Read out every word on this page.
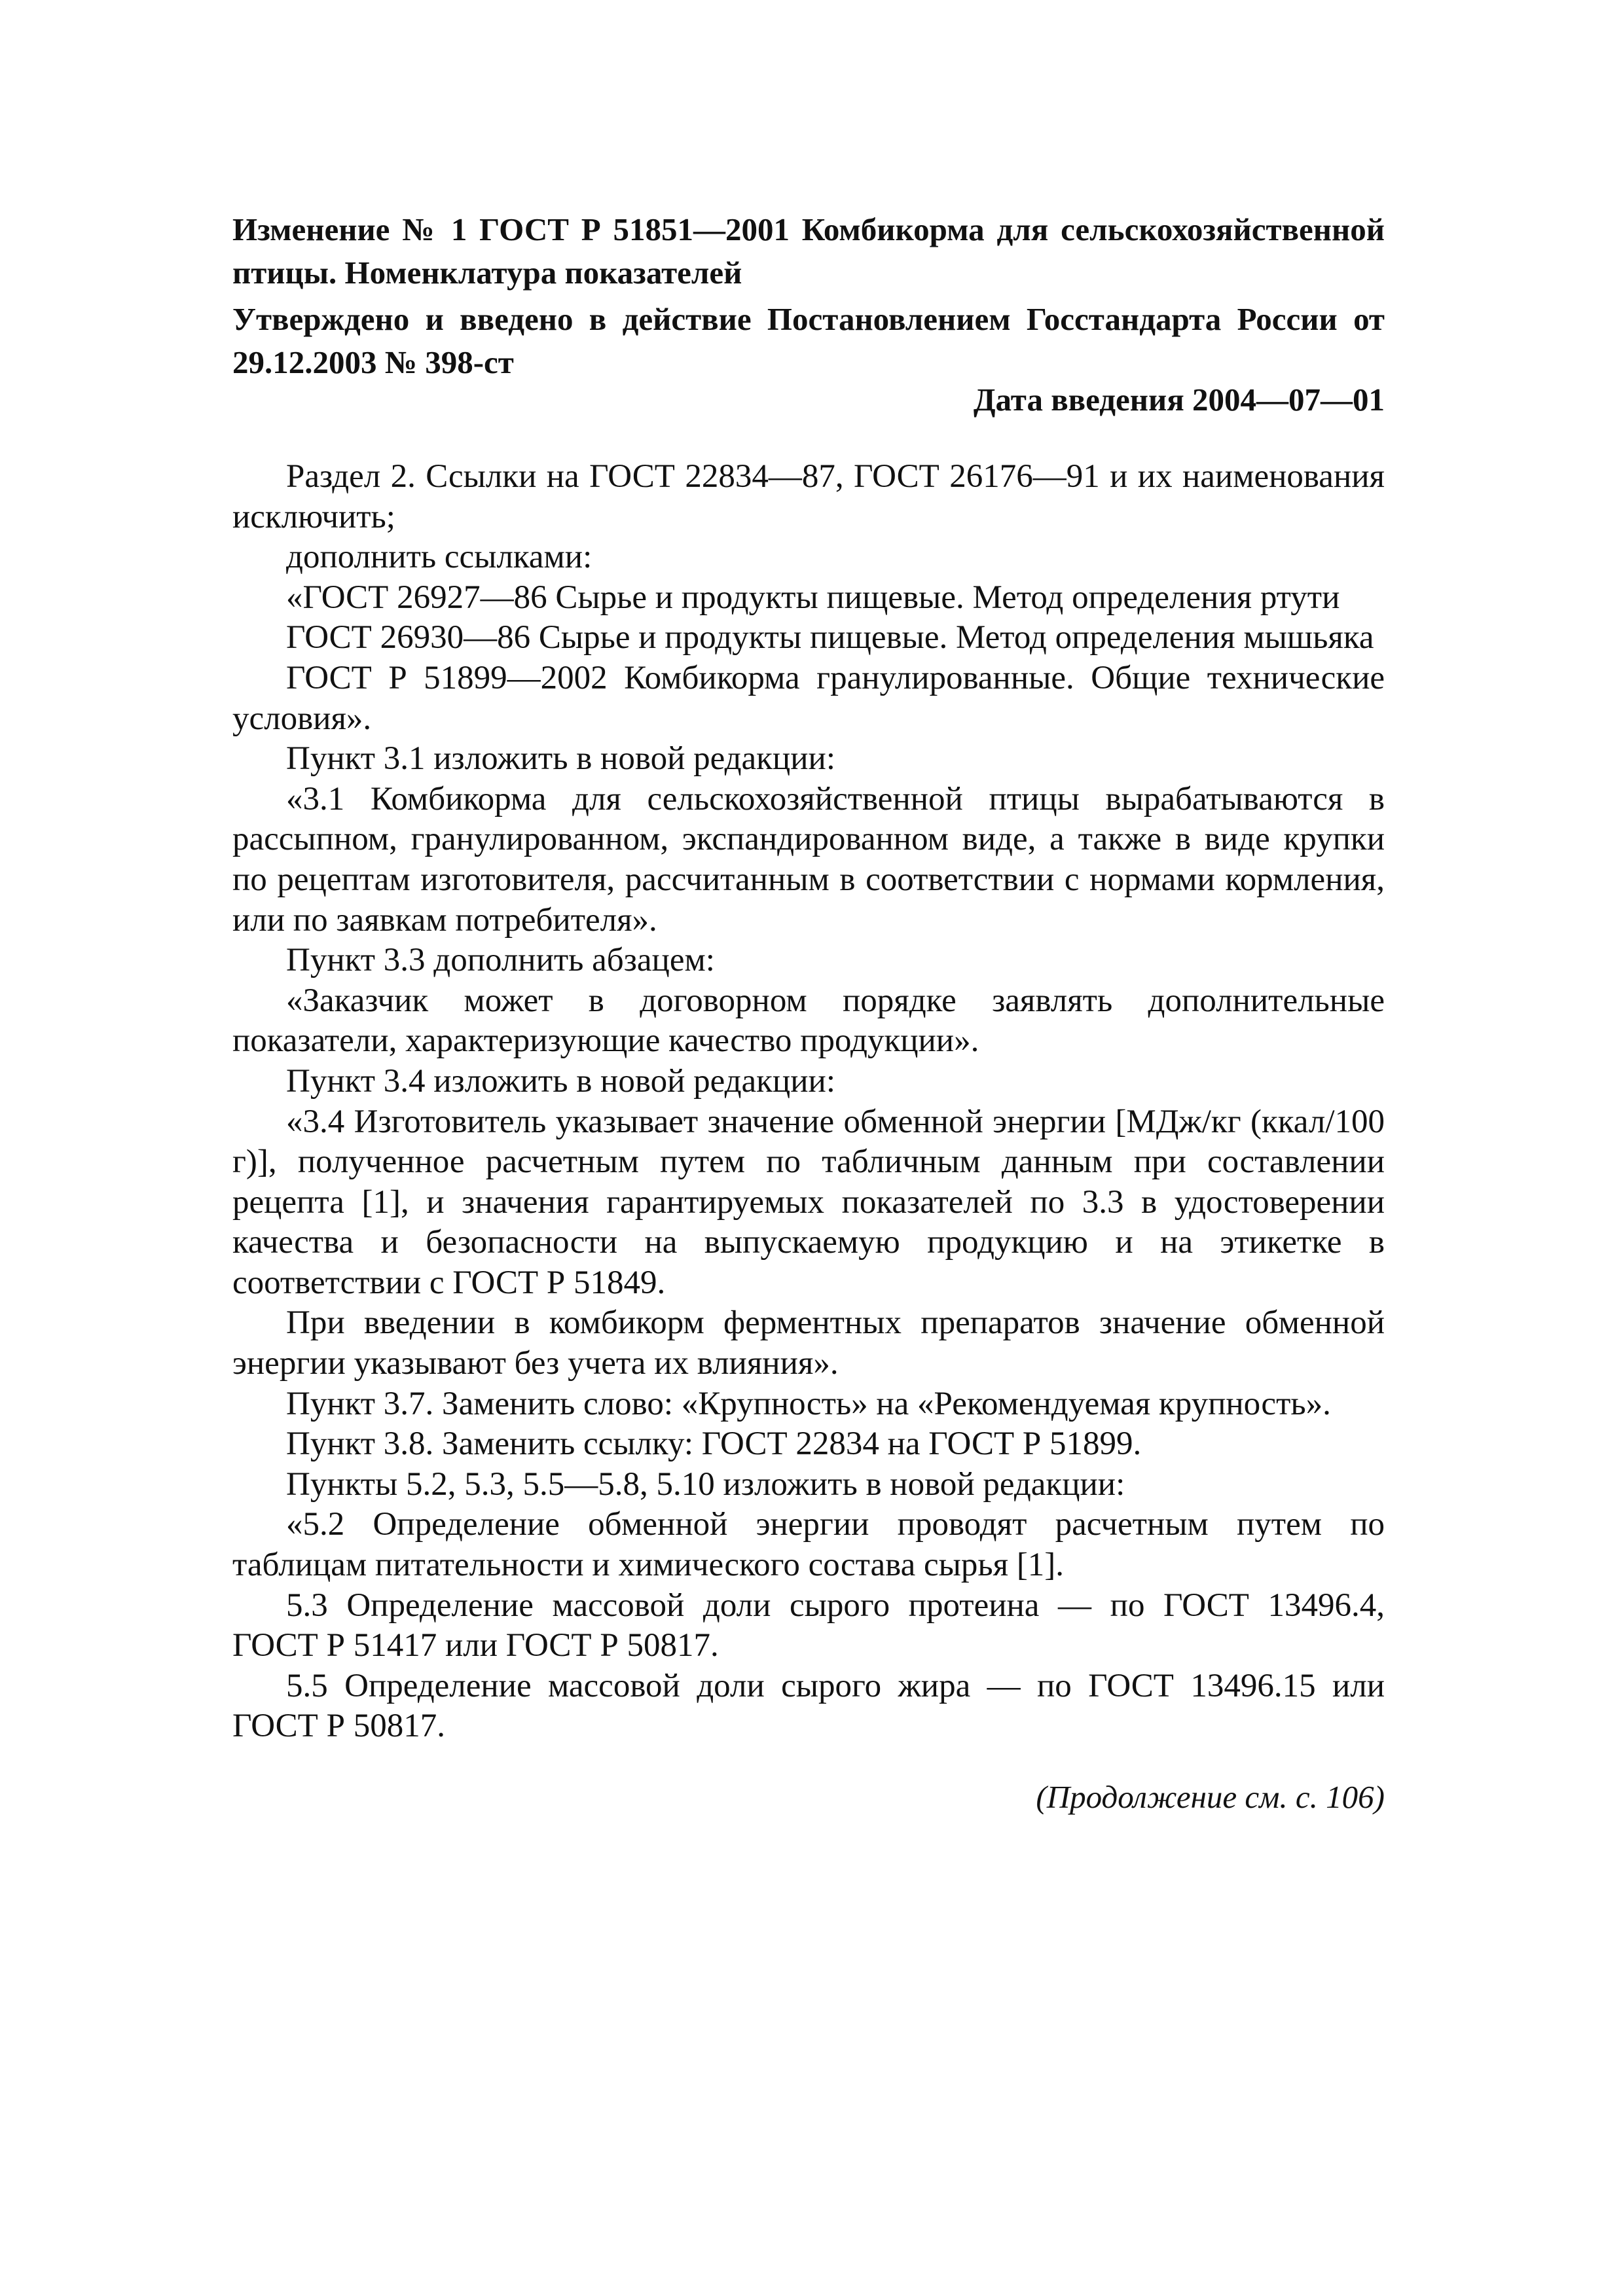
Изменение № 1 ГОСТ Р 51851—2001 Комбикорма для сельскохозяйственной птицы. Номенклатура показателей

Утверждено и введено в действие Постановлением Госстандарта России от 29.12.2003 № 398-ст

Дата введения 2004—07—01

Раздел 2. Ссылки на ГОСТ 22834—87, ГОСТ 26176—91 и их наименования исключить;

дополнить ссылками:

«ГОСТ 26927—86 Сырье и продукты пищевые. Метод определения ртути

ГОСТ 26930—86 Сырье и продукты пищевые. Метод определения мышьяка

ГОСТ Р 51899—2002 Комбикорма гранулированные. Общие технические условия».

Пункт 3.1 изложить в новой редакции:

«3.1 Комбикорма для сельскохозяйственной птицы вырабатываются в рассыпном, гранулированном, экспандированном виде, а также в виде крупки по рецептам изготовителя, рассчитанным в соответствии с нормами кормления, или по заявкам потребителя».

Пункт 3.3 дополнить абзацем:

«Заказчик может в договорном порядке заявлять дополнительные показатели, характеризующие качество продукции».

Пункт 3.4 изложить в новой редакции:

«3.4 Изготовитель указывает значение обменной энергии [МДж/кг (ккал/100 г)], полученное расчетным путем по табличным данным при составлении рецепта [1], и значения гарантируемых показателей по 3.3 в удостоверении качества и безопасности на выпускаемую продукцию и на этикетке в соответствии с ГОСТ Р 51849.

При введении в комбикорм ферментных препаратов значение обменной энергии указывают без учета их влияния».

Пункт 3.7. Заменить слово: «Крупность» на «Рекомендуемая крупность».

Пункт 3.8. Заменить ссылку: ГОСТ 22834 на ГОСТ Р 51899.

Пункты 5.2, 5.3, 5.5—5.8, 5.10 изложить в новой редакции:

«5.2 Определение обменной энергии проводят расчетным путем по таблицам питательности и химического состава сырья [1].

5.3 Определение массовой доли сырого протеина — по ГОСТ 13496.4, ГОСТ Р 51417 или ГОСТ Р 50817.

5.5 Определение массовой доли сырого жира — по ГОСТ 13496.15 или ГОСТ Р 50817.

(Продолжение см. с. 106)
